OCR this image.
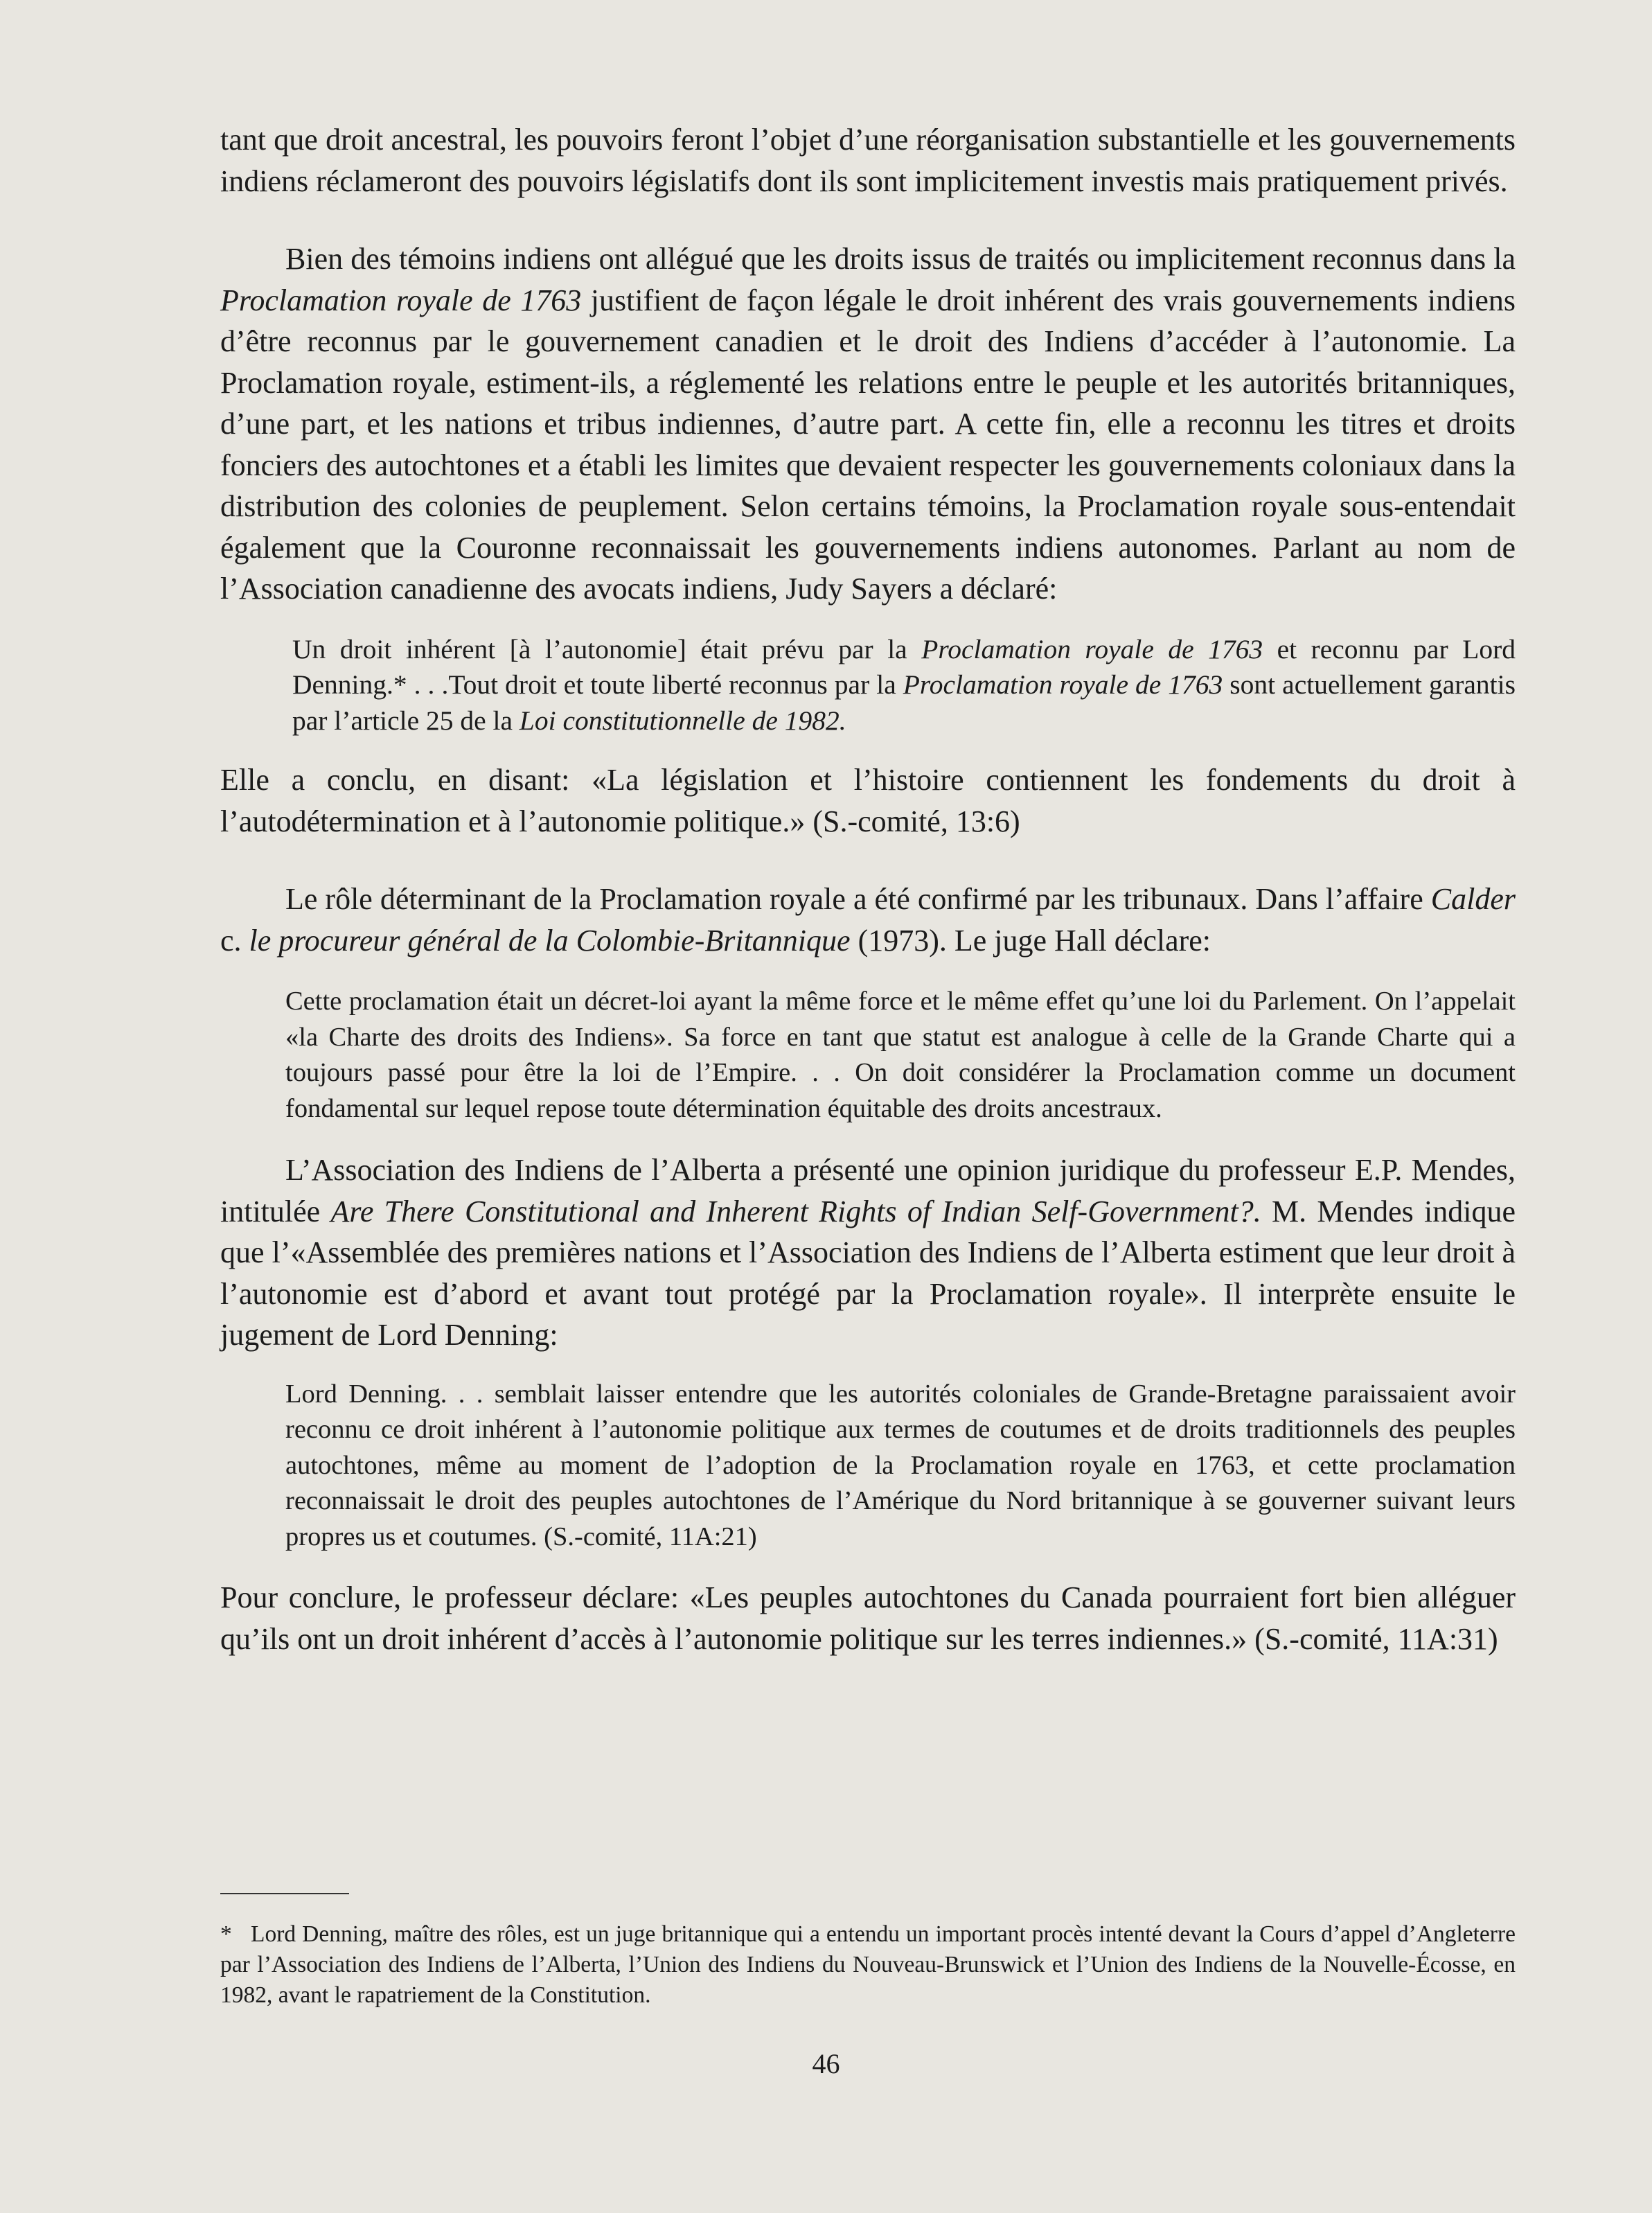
tant que droit ancestral, les pouvoirs feront l’objet d’une réorganisation substantielle et les gouvernements indiens réclameront des pouvoirs législatifs dont ils sont implicitement investis mais pratiquement privés.

Bien des témoins indiens ont allégué que les droits issus de traités ou implicitement reconnus dans la Proclamation royale de 1763 justifient de façon légale le droit inhérent des vrais gouvernements indiens d’être reconnus par le gouvernement canadien et le droit des Indiens d’accéder à l’autonomie. La Proclamation royale, estiment-ils, a réglementé les relations entre le peuple et les autorités britanniques, d’une part, et les nations et tribus indiennes, d’autre part. A cette fin, elle a reconnu les titres et droits fonciers des autochtones et a établi les limites que devaient respecter les gouvernements coloniaux dans la distribution des colonies de peuplement. Selon certains témoins, la Proclamation royale sous-entendait également que la Couronne reconnaissait les gouvernements indiens autonomes. Parlant au nom de l’Association canadienne des avocats indiens, Judy Sayers a déclaré:

Un droit inhérent [à l’autonomie] était prévu par la Proclamation royale de 1763 et reconnu par Lord Denning.* . . .Tout droit et toute liberté reconnus par la Proclamation royale de 1763 sont actuellement garantis par l’article 25 de la Loi constitutionnelle de 1982.

Elle a conclu, en disant: «La législation et l’histoire contiennent les fondements du droit à l’autodétermination et à l’autonomie politique.» (S.-comité, 13:6)

Le rôle déterminant de la Proclamation royale a été confirmé par les tribunaux. Dans l’affaire Calder c. le procureur général de la Colombie-Britannique (1973). Le juge Hall déclare:

Cette proclamation était un décret-loi ayant la même force et le même effet qu’une loi du Parlement. On l’appelait «la Charte des droits des Indiens». Sa force en tant que statut est analogue à celle de la Grande Charte qui a toujours passé pour être la loi de l’Empire. . . On doit considérer la Proclamation comme un document fondamental sur lequel repose toute détermination équitable des droits ancestraux.

L’Association des Indiens de l’Alberta a présenté une opinion juridique du professeur E.P. Mendes, intitulée Are There Constitutional and Inherent Rights of Indian Self-Government?. M. Mendes indique que l’«Assemblée des premières nations et l’Association des Indiens de l’Alberta estiment que leur droit à l’autonomie est d’abord et avant tout protégé par la Proclamation royale». Il interprète ensuite le jugement de Lord Denning:

Lord Denning. . . semblait laisser entendre que les autorités coloniales de Grande-Bretagne paraissaient avoir reconnu ce droit inhérent à l’autonomie politique aux termes de coutumes et de droits traditionnels des peuples autochtones, même au moment de l’adoption de la Proclamation royale en 1763, et cette proclamation reconnaissait le droit des peuples autochtones de l’Amérique du Nord britannique à se gouverner suivant leurs propres us et coutumes. (S.-comité, 11A:21)

Pour conclure, le professeur déclare: «Les peuples autochtones du Canada pourraient fort bien alléguer qu’ils ont un droit inhérent d’accès à l’autonomie politique sur les terres indiennes.» (S.-comité, 11A:31)

* Lord Denning, maître des rôles, est un juge britannique qui a entendu un important procès intenté devant la Cours d’appel d’Angleterre par l’Association des Indiens de l’Alberta, l’Union des Indiens du Nouveau-Brunswick et l’Union des Indiens de la Nouvelle-Écosse, en 1982, avant le rapatriement de la Constitution.

46
